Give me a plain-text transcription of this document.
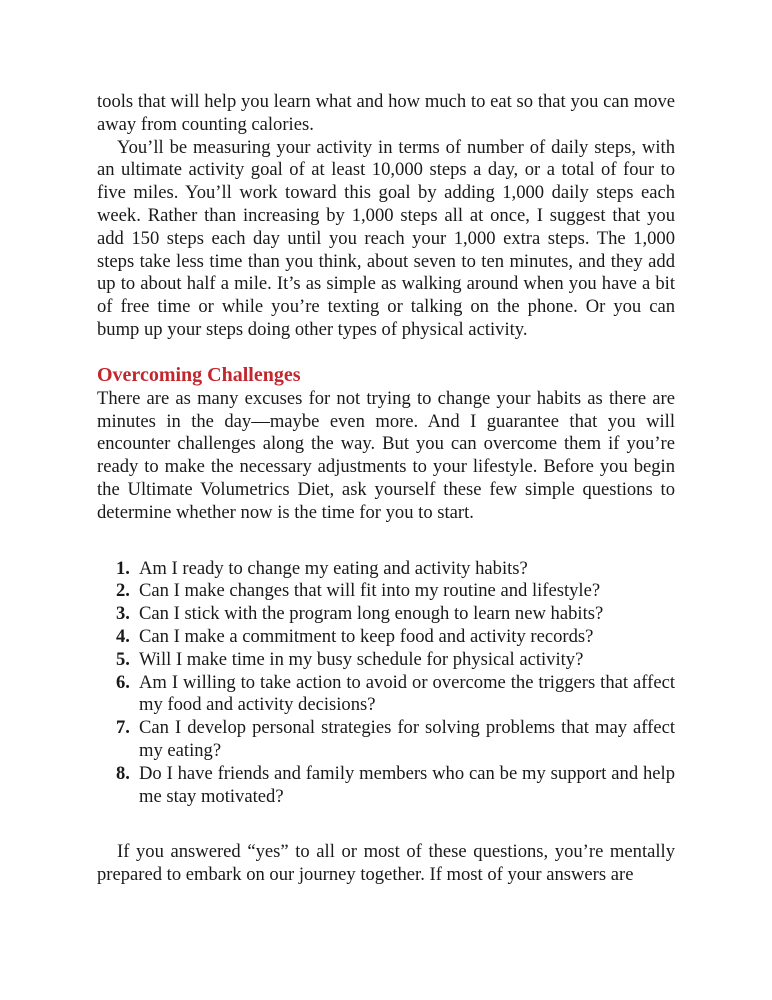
tools that will help you learn what and how much to eat so that you can move away from counting calories.

You’ll be measuring your activity in terms of number of daily steps, with an ultimate activity goal of at least 10,000 steps a day, or a total of four to five miles. You’ll work toward this goal by adding 1,000 daily steps each week. Rather than increasing by 1,000 steps all at once, I suggest that you add 150 steps each day until you reach your 1,000 extra steps. The 1,000 steps take less time than you think, about seven to ten minutes, and they add up to about half a mile. It’s as simple as walking around when you have a bit of free time or while you’re texting or talking on the phone. Or you can bump up your steps doing other types of physical activity.

Overcoming Challenges

There are as many excuses for not trying to change your habits as there are minutes in the day—maybe even more. And I guarantee that you will encounter challenges along the way. But you can overcome them if you’re ready to make the necessary adjustments to your lifestyle. Before you begin the Ultimate Volumetrics Diet, ask yourself these few simple questions to determine whether now is the time for you to start.

1. Am I ready to change my eating and activity habits?
2. Can I make changes that will fit into my routine and lifestyle?
3. Can I stick with the program long enough to learn new habits?
4. Can I make a commitment to keep food and activity records?
5. Will I make time in my busy schedule for physical activity?
6. Am I willing to take action to avoid or overcome the triggers that affect my food and activity decisions?
7. Can I develop personal strategies for solving problems that may affect my eating?
8. Do I have friends and family members who can be my support and help me stay motivated?

If you answered “yes” to all or most of these questions, you’re mentally prepared to embark on our journey together. If most of your answers are
